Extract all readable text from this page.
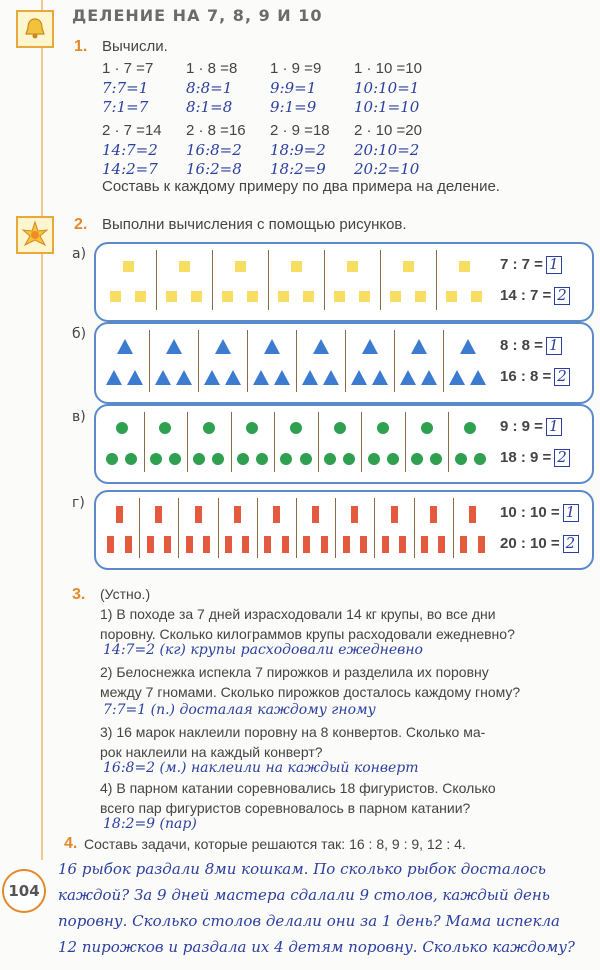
ДЕЛЕНИЕ НА 7, 8, 9 И 10
1. Вычисли.
1 · 7 =7 1 · 8 =8 1 · 9 =9 1 · 10 =10
7:7=1	8:8=1	9:9=1	10:10=1
7:1=7	8:1=8	9:1=9	10:1=10
2 · 7 =14 2 · 8 =16 2 · 9 =18 2 · 10 =20
14:7=2 16:8=2 18:9=2 20:10=2
14:2=7 16:2=8 18:2=9 20:2=10
Составь к каждому примеру по два примера на деление.
2. Выполни вычисления с помощью рисунков.
а)
7 : 7 = 1
14 : 7 = 2
б)
8 : 8 = 1
16 : 8 = 2
в)
9 : 9 = 1
18 : 9 = 2
г)
10 : 10 = 1
20 : 10 = 2
3. (Устно.)
1) В походе за 7 дней израсходовали 14 кг крупы, во все дни
поровну. Сколько килограммов крупы расходовали ежедневно?
14:7=2 (кг) крупы расходовали ежедневно
2) Белоснежка испекла 7 пирожков и разделила их поровну
между 7 гномами. Сколько пирожков досталось каждому гному?
7:7=1 (п.) досталая каждому гному
3) 16 марок наклеили поровну на 8 конвертов. Сколько ма-
рок наклеили на каждый конверт?
16:8=2 (м.) наклеили на каждый конверт
4) В парном катании соревновались 18 фигуристов. Сколько
всего пар фигуристов соревновалось в парном катании?
18:2=9 (пар)
4. Составь задачи, которые решаются так: 16 : 8, 9 : 9, 12 : 4.
16 рыбок раздали 8ми кошкам. По сколько рыбок досталось
каждой? За 9 дней мастера сдалали 9 столов, каждый день
поровну. Сколько столов делали они за 1 день? Мама испекла
12 пирожков и раздала их 4 детям поровну. Сколько каждому?
104
